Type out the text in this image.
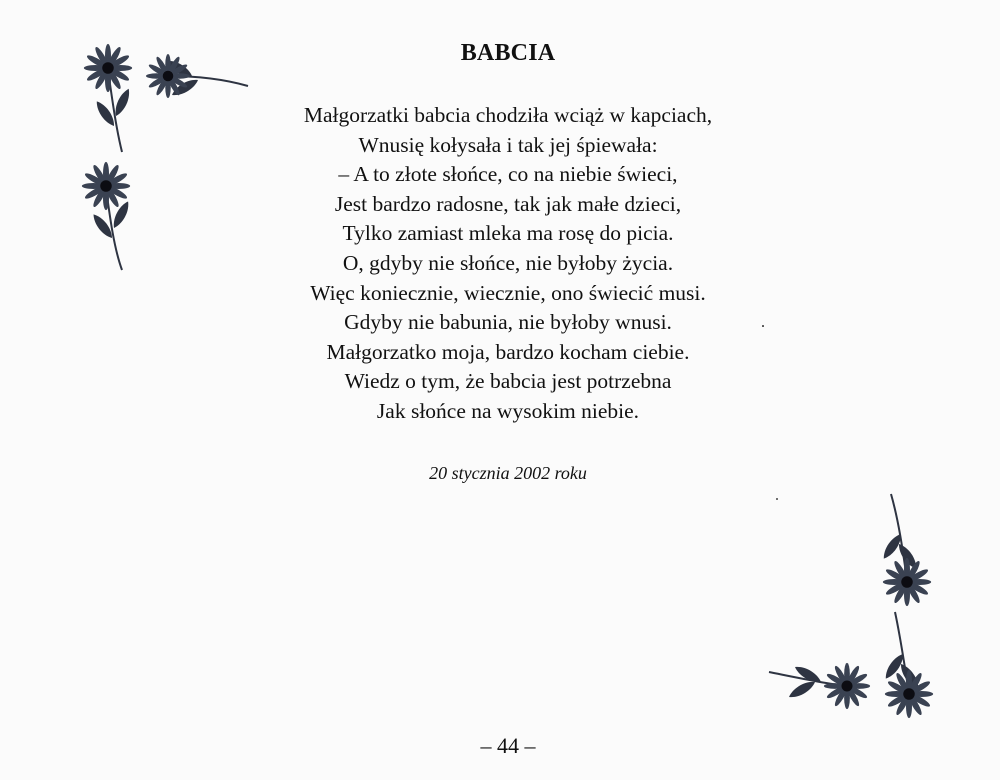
BABCIA
Małgorzatki babcia chodziła wciąż w kapciach,
Wnusię kołysała i tak jej śpiewała:
– A to złote słońce, co na niebie świeci,
Jest bardzo radosne, tak jak małe dzieci,
Tylko zamiast mleka ma rosę do picia.
O, gdyby nie słońce, nie byłoby życia.
Więc koniecznie, wiecznie, ono świecić musi.
Gdyby nie babunia, nie byłoby wnusi.
Małgorzatko moja, bardzo kocham ciebie.
Wiedz o tym, że babcia jest potrzebna
Jak słońce na wysokim niebie.
20 stycznia 2002 roku
– 44 –
